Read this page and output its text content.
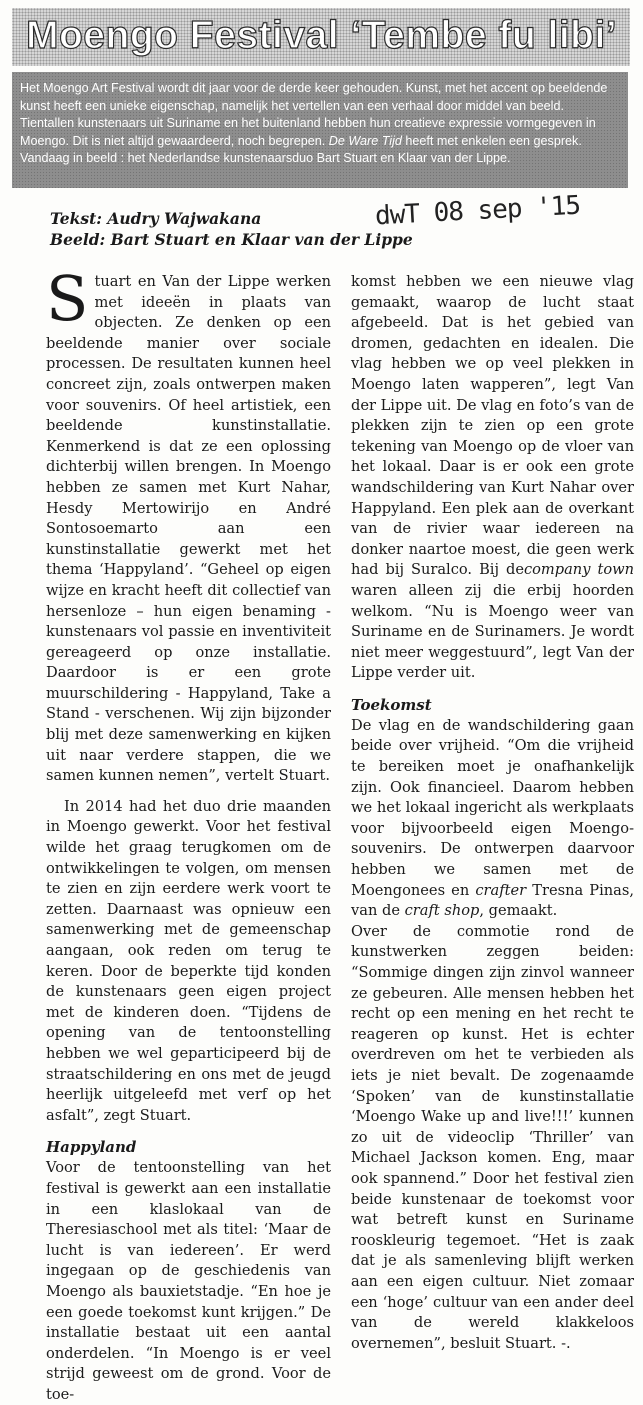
Moengo Festival ‘Tembe fu libi’
Het Moengo Art Festival wordt dit jaar voor de derde keer gehouden. Kunst, met het accent op beeldende kunst heeft een unieke eigenschap, namelijk het vertellen van een verhaal door middel van beeld. Tientallen kunstenaars uit Suriname en het buitenland hebben hun creatieve expressie vormgegeven in Moengo. Dit is niet altijd gewaardeerd, noch begrepen. De Ware Tijd heeft met enkelen een gesprek. Vandaag in beeld : het Nederlandse kunstenaarsduo Bart Stuart en Klaar van der Lippe.
Tekst: Audry Wajwakana
Beeld: Bart Stuart en Klaar van der Lippe
dwT 08 sep '15

Stuart en Van der Lippe werken met ideeën in plaats van objecten. Ze denken op een beeldende manier over sociale processen. De resultaten kunnen heel concreet zijn, zoals ontwerpen maken voor souvenirs. Of heel artistiek, een beeldende kunstinstallatie. Kenmerkend is dat ze een oplossing dichterbij willen brengen. In Moengo hebben ze samen met Kurt Nahar, Hesdy Mertowirijo en André Sontosoemarto aan een kunstinstallatie gewerkt met het thema ‘Happyland’. “Geheel op eigen wijze en kracht heeft dit collectief van hersenloze – hun eigen benaming - kunstenaars vol passie en inventiviteit gereageerd op onze installatie. Daardoor is er een grote muurschildering - Happyland, Take a Stand - verschenen. Wij zijn bijzonder blij met deze samenwerking en kijken uit naar verdere stappen, die we samen kunnen nemen”, vertelt Stuart.

In 2014 had het duo drie maanden in Moengo gewerkt. Voor het festival wilde het graag terugkomen om de ontwikkelingen te volgen, om mensen te zien en zijn eerdere werk voort te zetten. Daarnaast was opnieuw een samenwerking met de gemeenschap aangaan, ook reden om terug te keren. Door de beperkte tijd konden de kunstenaars geen eigen project met de kinderen doen. “Tijdens de opening van de tentoonstelling hebben we wel geparticipeerd bij de straatschildering en ons met de jeugd heerlijk uitgeleefd met verf op het asfalt”, zegt Stuart.

Happyland

Voor de tentoonstelling van het festival is gewerkt aan een installatie in een klaslokaal van de Theresiaschool met als titel: ‘Maar de lucht is van iedereen’. Er werd ingegaan op de geschiedenis van Moengo als bauxietstadje. “En hoe je een goede toekomst kunt krijgen.” De installatie bestaat uit een aantal onderdelen. “In Moengo is er veel strijd geweest om de grond. Voor de toe-

komst hebben we een nieuwe vlag gemaakt, waarop de lucht staat afgebeeld. Dat is het gebied van dromen, gedachten en idealen. Die vlag hebben we op veel plekken in Moengo laten wapperen”, legt Van der Lippe uit. De vlag en foto’s van de plekken zijn te zien op een grote tekening van Moengo op de vloer van het lokaal. Daar is er ook een grote wandschildering van Kurt Nahar over Happyland. Een plek aan de overkant van de rivier waar iedereen na donker naartoe moest, die geen werk had bij Suralco. Bij decompany town waren alleen zij die erbij hoorden welkom. “Nu is Moengo weer van Suriname en de Surinamers. Je wordt niet meer weggestuurd”, legt Van der Lippe verder uit.

Toekomst

De vlag en de wandschildering gaan beide over vrijheid. “Om die vrijheid te bereiken moet je onafhankelijk zijn. Ook financieel. Daarom hebben we het lokaal ingericht als werkplaats voor bijvoorbeeld eigen Moengo-souvenirs. De ontwerpen daarvoor hebben we samen met de Moengonees en crafter Tresna Pinas, van de craft shop, gemaakt.

Over de commotie rond de kunstwerken zeggen beiden: “Sommige dingen zijn zinvol wanneer ze gebeuren. Alle mensen hebben het recht op een mening en het recht te reageren op kunst. Het is echter overdreven om het te verbieden als iets je niet bevalt. De zogenaamde ‘Spoken’ van de kunstinstallatie ‘Moengo Wake up and live!!!’ kunnen zo uit de videoclip ‘Thriller’ van Michael Jackson komen. Eng, maar ook spannend.” Door het festival zien beide kunstenaar de toekomst voor wat betreft kunst en Suriname rooskleurig tegemoet. “Het is zaak dat je als samenleving blijft werken aan een eigen cultuur. Niet zomaar een ‘hoge’ cultuur van een ander deel van de wereld klakkeloos overnemen”, besluit Stuart. -.
